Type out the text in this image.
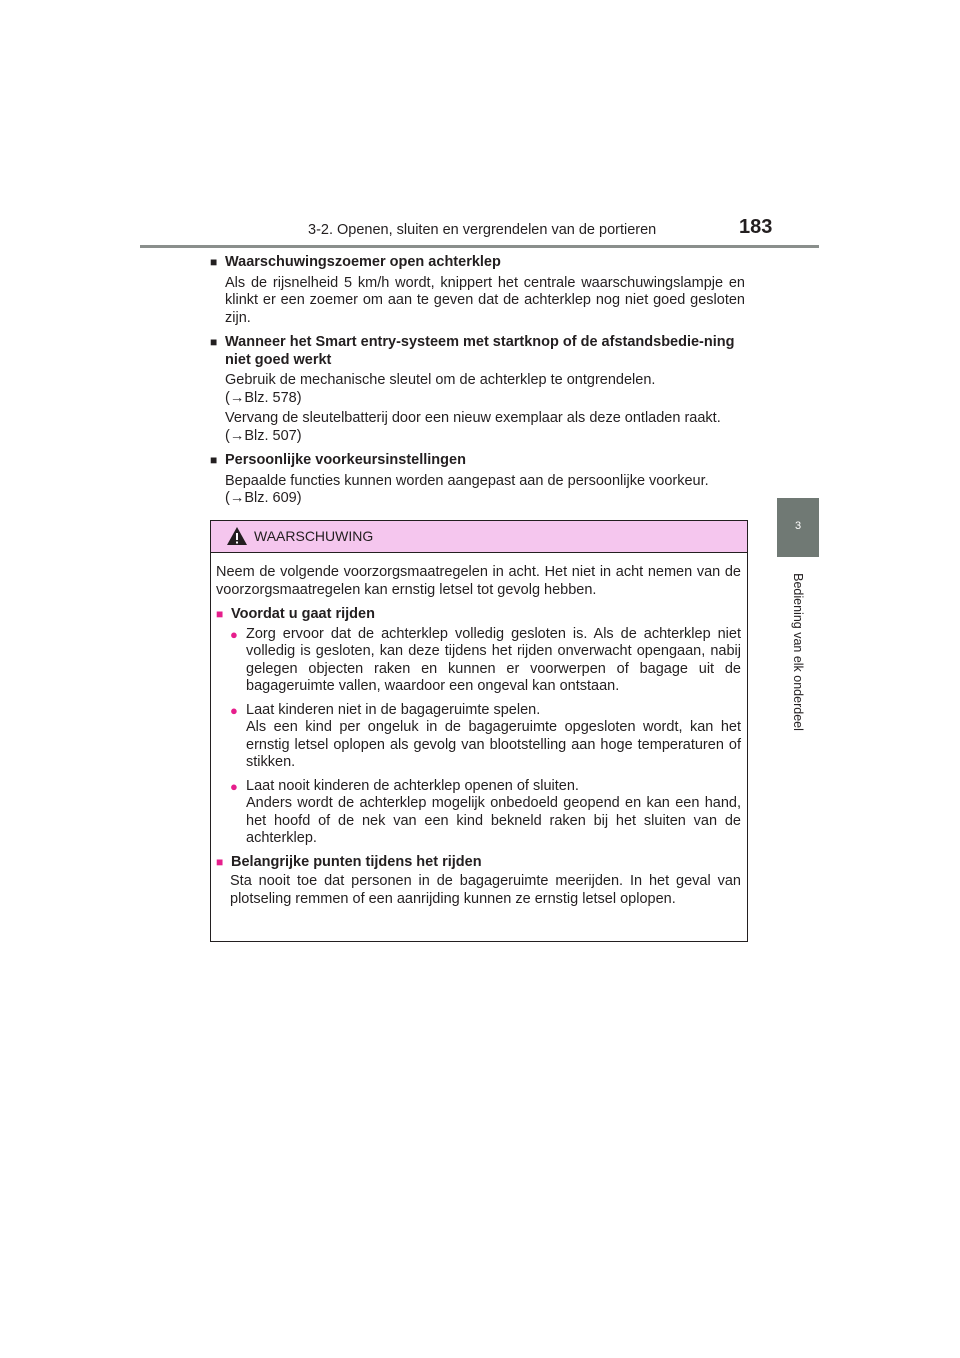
3-2. Openen, sluiten en vergrendelen van de portieren	183
3
Bediening van elk onderdeel
■ Waarschuwingszoemer open achterklep
Als de rijsnelheid 5 km/h wordt, knippert het centrale waarschuwingslampje en klinkt er een zoemer om aan te geven dat de achterklep nog niet goed gesloten zijn.
■ Wanneer het Smart entry-systeem met startknop of de afstandsbedie-ning niet goed werkt
Gebruik de mechanische sleutel om de achterklep te ontgrendelen.
(→Blz. 578)
Vervang de sleutelbatterij door een nieuw exemplaar als deze ontladen raakt.
(→Blz. 507)
■ Persoonlijke voorkeursinstellingen
Bepaalde functies kunnen worden aangepast aan de persoonlijke voorkeur.
(→Blz. 609)
WAARSCHUWING
Neem de volgende voorzorgsmaatregelen in acht. Het niet in acht nemen van de voorzorgsmaatregelen kan ernstig letsel tot gevolg hebben.
■ Voordat u gaat rijden
● Zorg ervoor dat de achterklep volledig gesloten is. Als de achterklep niet volledig is gesloten, kan deze tijdens het rijden onverwacht opengaan, nabij gelegen objecten raken en kunnen er voorwerpen of bagage uit de bagageruimte vallen, waardoor een ongeval kan ontstaan.
● Laat kinderen niet in de bagageruimte spelen.
Als een kind per ongeluk in de bagageruimte opgesloten wordt, kan het ernstig letsel oplopen als gevolg van blootstelling aan hoge temperaturen of stikken.
● Laat nooit kinderen de achterklep openen of sluiten.
Anders wordt de achterklep mogelijk onbedoeld geopend en kan een hand, het hoofd of de nek van een kind bekneld raken bij het sluiten van de achterklep.
■ Belangrijke punten tijdens het rijden
Sta nooit toe dat personen in de bagageruimte meerijden. In het geval van plotseling remmen of een aanrijding kunnen ze ernstig letsel oplopen.
